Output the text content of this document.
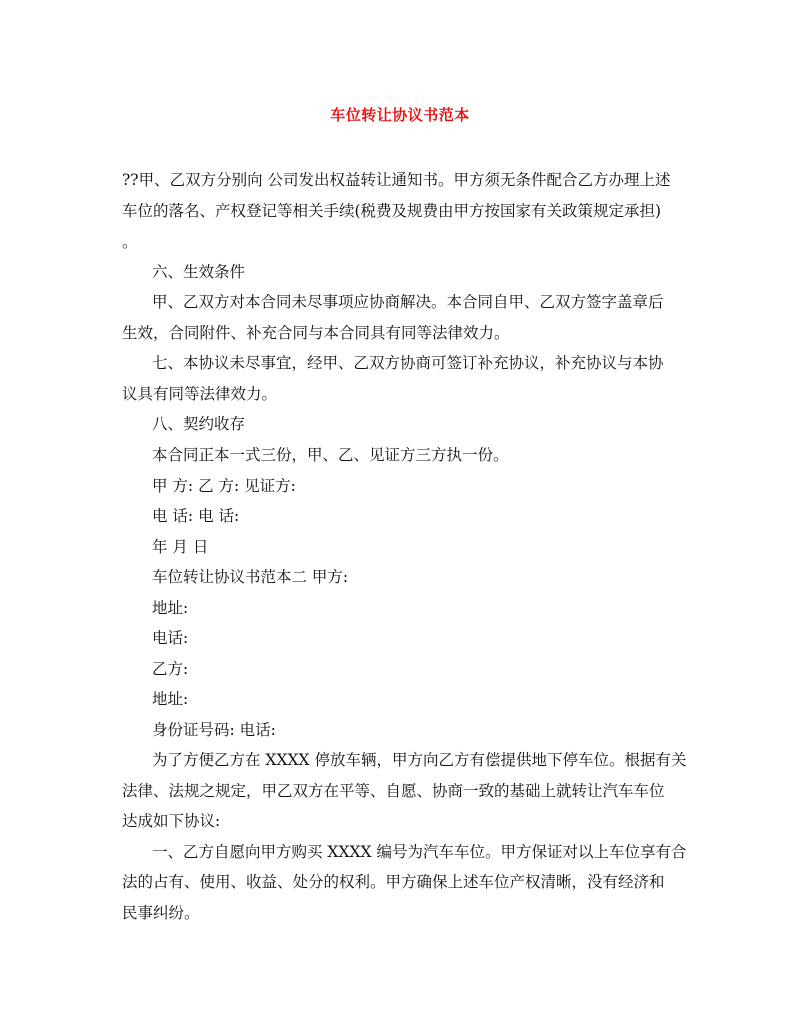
车位转让协议书范本
??甲、乙双方分别向 公司发出权益转让通知书。甲方须无条件配合乙方办理上述
车位的落名、产权登记等相关手续(税费及规费由甲方按国家有关政策规定承担)
。
六、生效条件
甲、乙双方对本合同未尽事项应协商解决。本合同自甲、乙双方签字盖章后
生效，合同附件、补充合同与本合同具有同等法律效力。
七、本协议未尽事宜，经甲、乙双方协商可签订补充协议，补充协议与本协
议具有同等法律效力。
八、契约收存
本合同正本一式三份，甲、乙、见证方三方执一份。
甲 方: 乙 方: 见证方:
电 话: 电 话:
年 月 日
车位转让协议书范本二 甲方:
地址:
电话:
乙方:
地址:
身份证号码: 电话:
为了方便乙方在 XXXX 停放车辆，甲方向乙方有偿提供地下停车位。根据有关
法律、法规之规定，甲乙双方在平等、自愿、协商一致的基础上就转让汽车车位
达成如下协议:
一、乙方自愿向甲方购买 XXXX 编号为汽车车位。甲方保证对以上车位享有合
法的占有、使用、收益、处分的权利。甲方确保上述车位产权清晰，没有经济和
民事纠纷。
